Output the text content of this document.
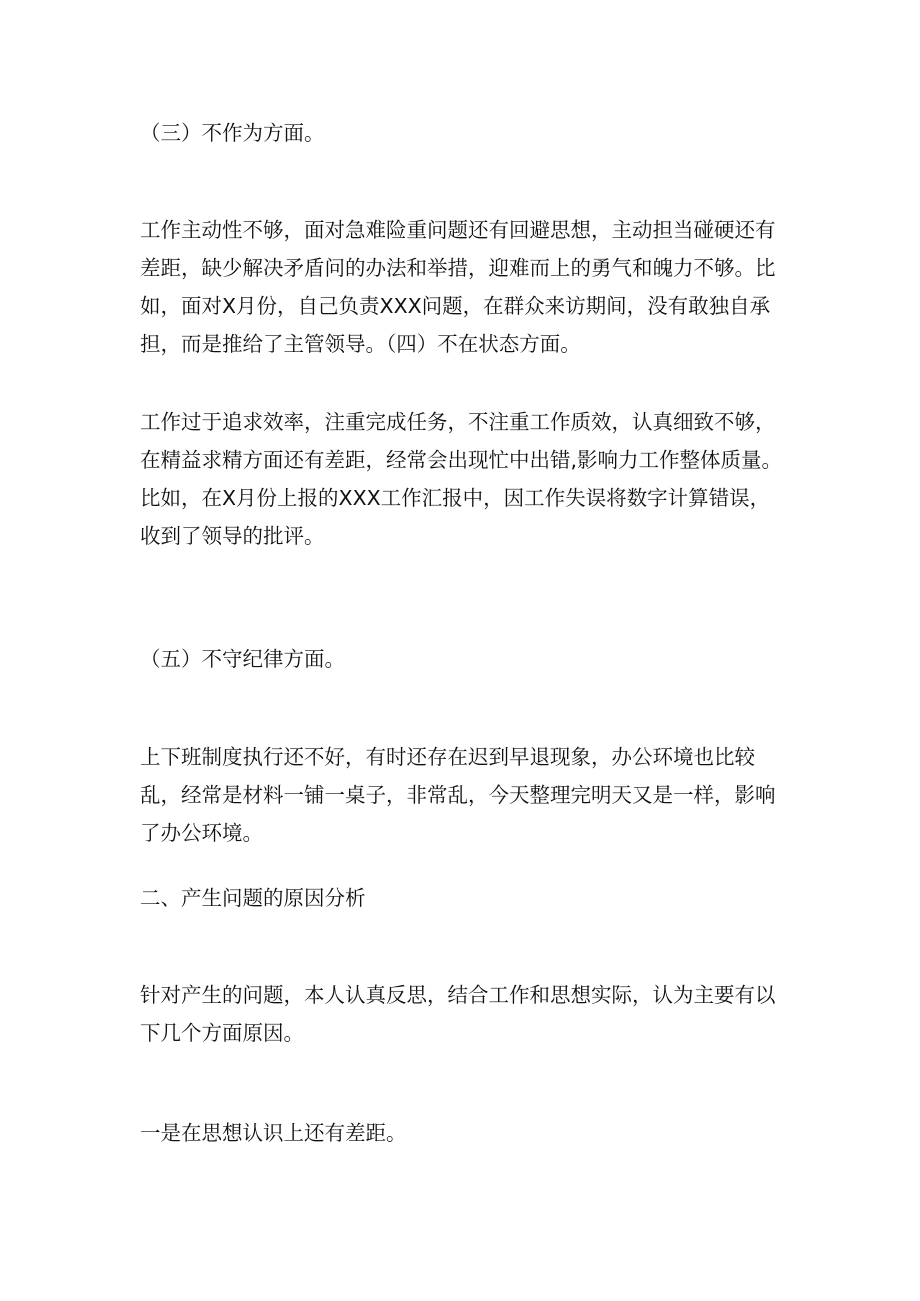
（三）不作为方面。

工作主动性不够，面对急难险重问题还有回避思想，主动担当碰硬还有差距，缺少解决矛盾问的办法和举措，迎难而上的勇气和魄力不够。比如，面对X月份，自己负责XXX问题，在群众来访期间，没有敢独自承担，而是推给了主管领导。（四）不在状态方面。

工作过于追求效率，注重完成任务，不注重工作质效，认真细致不够，在精益求精方面还有差距，经常会出现忙中出错,影响力工作整体质量。比如，在X月份上报的XXX工作汇报中，因工作失误将数字计算错误，收到了领导的批评。

（五）不守纪律方面。

上下班制度执行还不好，有时还存在迟到早退现象，办公环境也比较乱，经常是材料一铺一桌子，非常乱，今天整理完明天又是一样，影响了办公环境。

二、产生问题的原因分析

针对产生的问题，本人认真反思，结合工作和思想实际，认为主要有以下几个方面原因。

一是在思想认识上还有差距。
